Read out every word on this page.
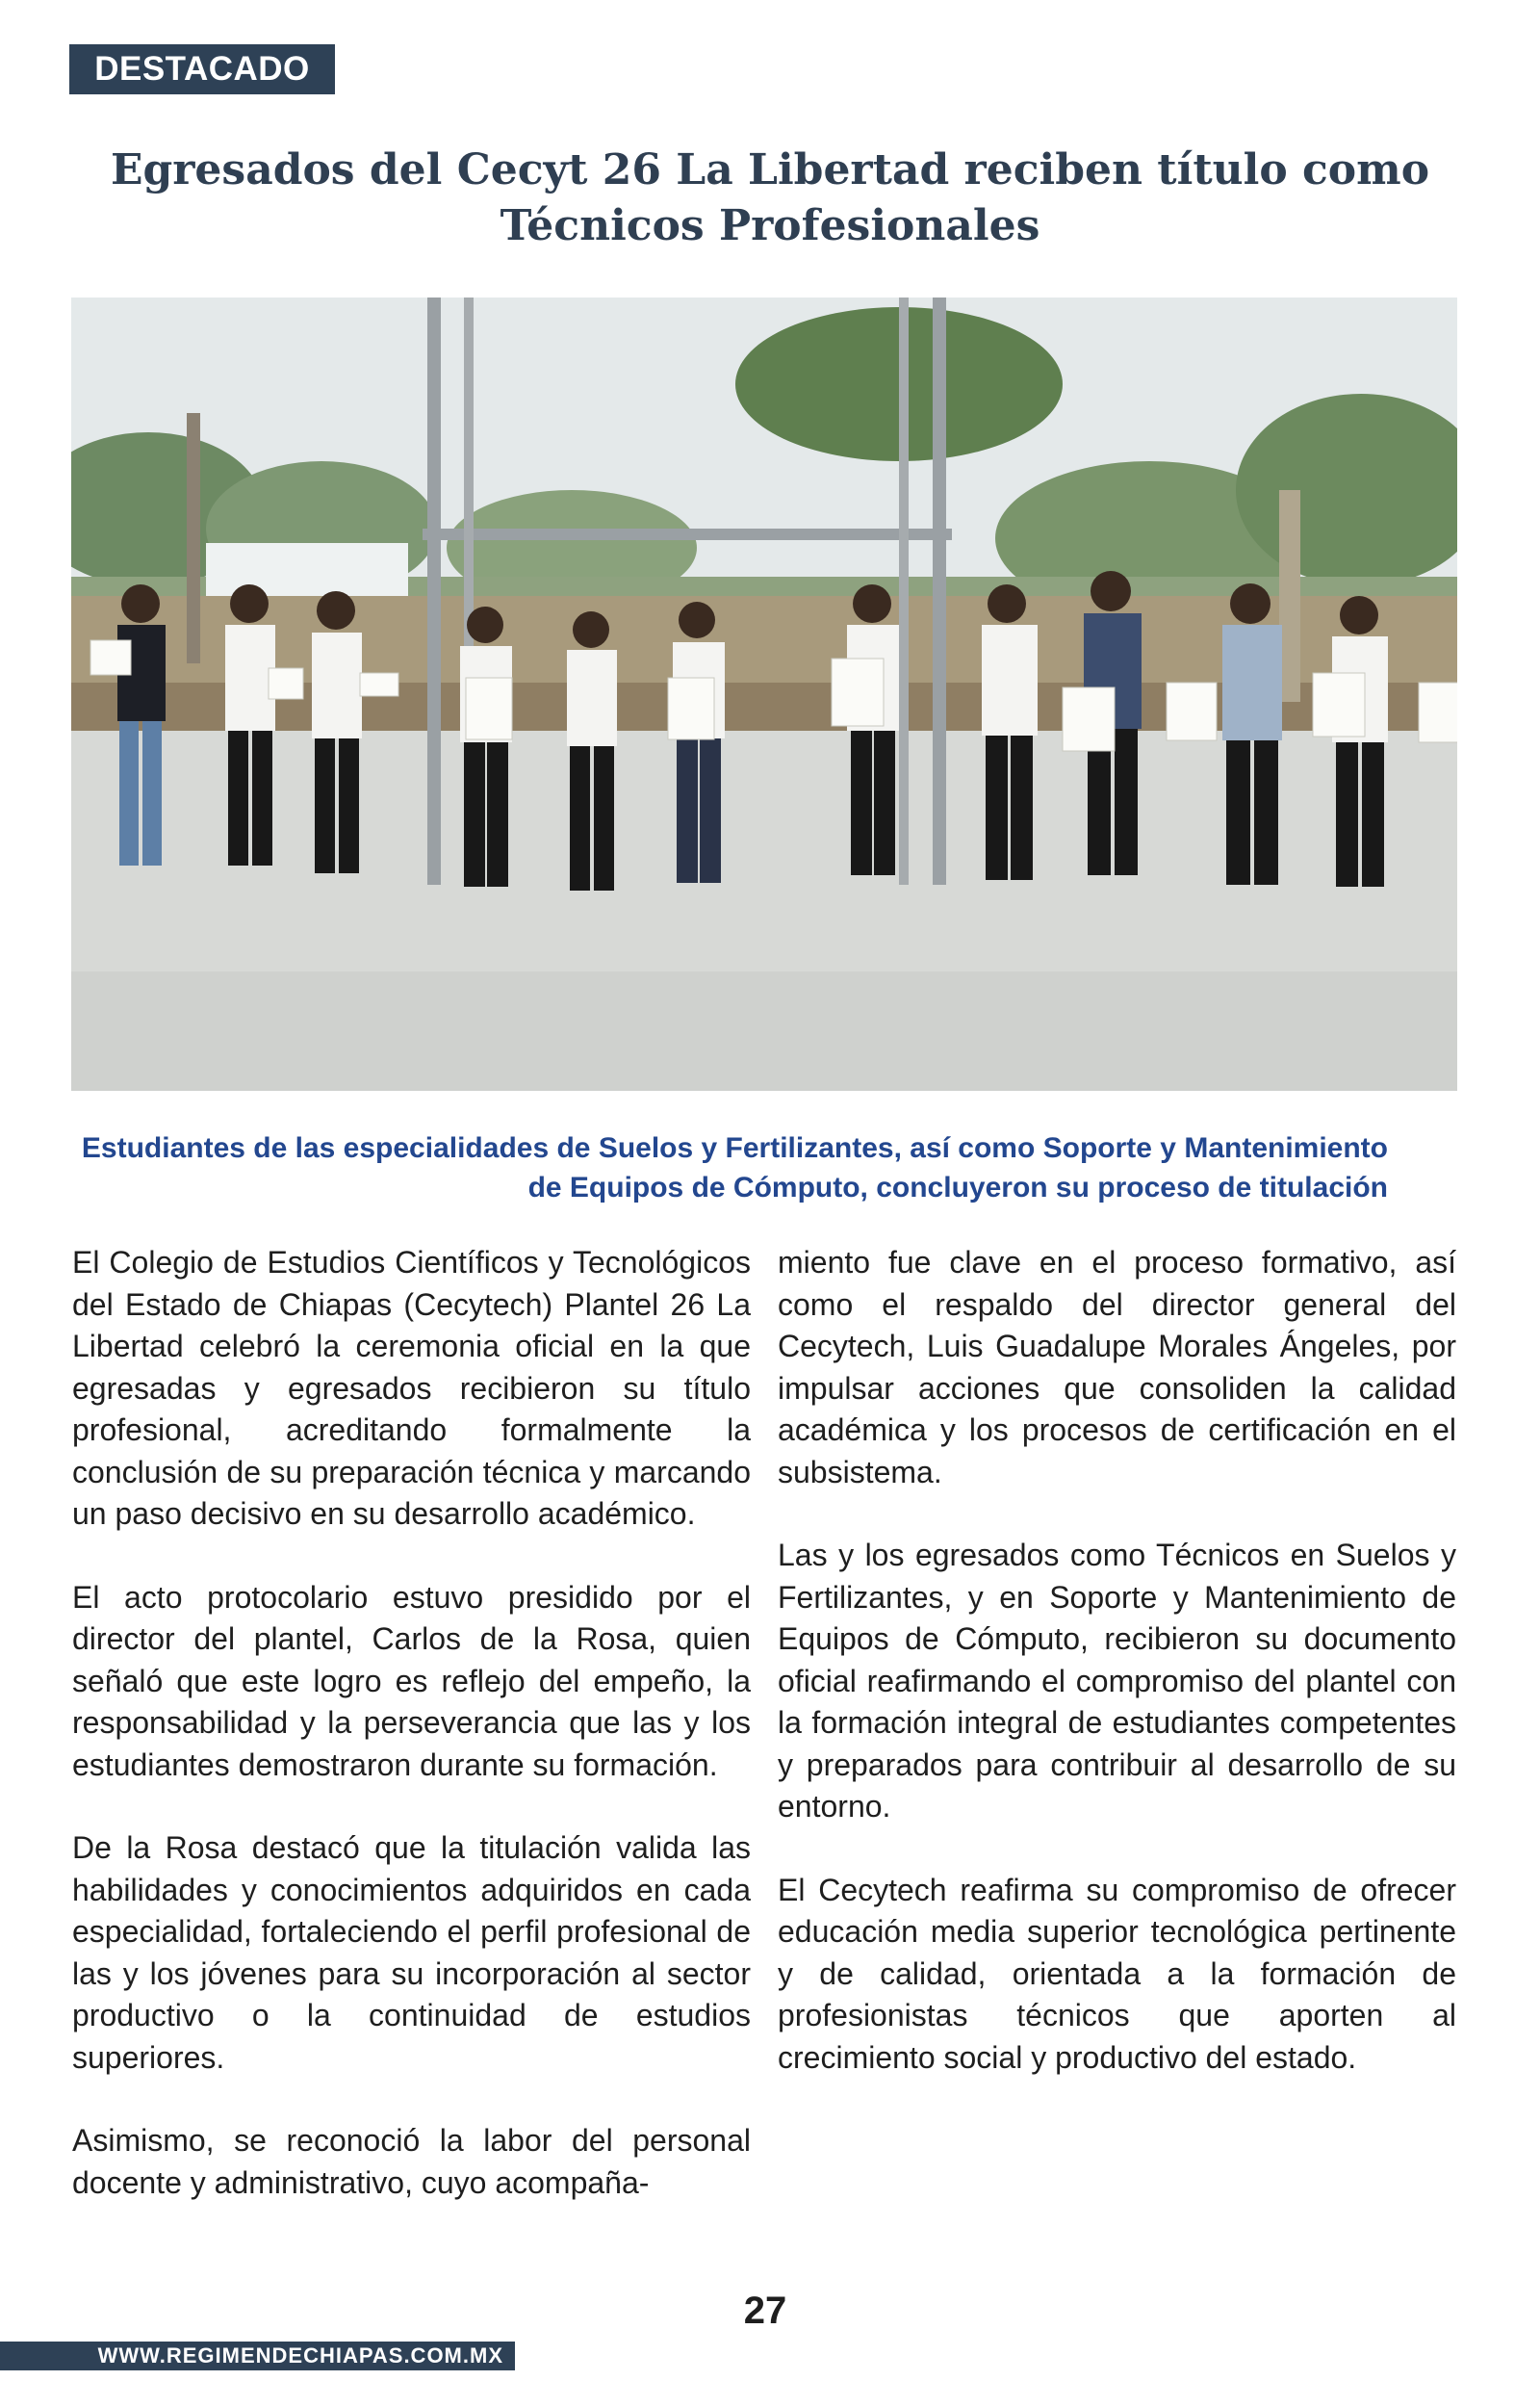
DESTACADO
Egresados del Cecyt 26 La Libertad reciben título como Técnicos Profesionales

Estudiantes de las especialidades de Suelos y Fertilizantes, así como Soporte y Mantenimiento de Equipos de Cómputo, concluyeron su proceso de titulación

El Colegio de Estudios Científicos y Tecnológicos del Estado de Chiapas (Cecytech) Plantel 26 La Libertad celebró la ceremonia oficial en la que egresadas y egresados recibieron su título profesional, acreditando formalmente la conclusión de su preparación técnica y marcando un paso decisivo en su desarrollo académico.

El acto protocolario estuvo presidido por el director del plantel, Carlos de la Rosa, quien señaló que este logro es reflejo del empeño, la responsabilidad y la perseverancia que las y los estudiantes demostraron durante su formación.

De la Rosa destacó que la titulación valida las habilidades y conocimientos adquiridos en cada especialidad, fortaleciendo el perfil profesional de las y los jóvenes para su incorporación al sector productivo o la continuidad de estudios superiores.

Asimismo, se reconoció la labor del personal docente y administrativo, cuyo acompaña-

miento fue clave en el proceso formativo, así como el respaldo del director general del Cecytech, Luis Guadalupe Morales Ángeles, por impulsar acciones que consoliden la calidad académica y los procesos de certificación en el subsistema.

Las y los egresados como Técnicos en Suelos y Fertilizantes, y en Soporte y Mantenimiento de Equipos de Cómputo, recibieron su documento oficial reafirmando el compromiso del plantel con la formación integral de estudiantes competentes y preparados para contribuir al desarrollo de su entorno.

El Cecytech reafirma su compromiso de ofrecer educación media superior tecnológica pertinente y de calidad, orientada a la formación de profesionistas técnicos que aporten al crecimiento social y productivo del estado.

27
WWW.REGIMENDECHIAPAS.COM.MX
